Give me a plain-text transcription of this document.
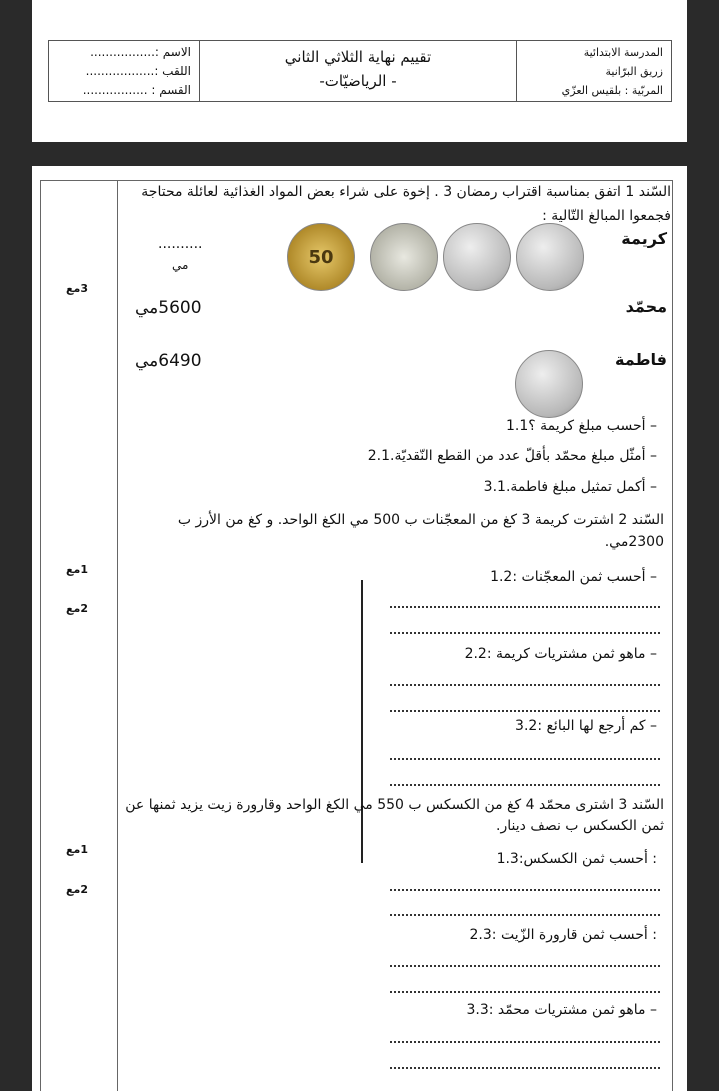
المدرسة الابتدائية
زريق البرّانية
المربّية : بلقيس العزّي
تقييم نهاية الثلاثي الثاني
- الرياضيّات-
الاسم :.................
اللقب :..................
القسم : .................
السّند 1 اتفق بمناسبة اقتراب رمضان 3 . إخوة على شراء بعض المواد الغذائية لعائلة محتاجة
فجمعوا المبالغ التّالية :
كريمة
..........
مي	50
3مع
محمّد
5600مي
فاطمة
6490مي
– أحسب مبلغ كريمة ؟1.1
– أمثّل مبلغ محمّد بأقلّ عدد من القطع النّقديّة.2.1
– أكمل تمثيل مبلغ فاطمة.3.1
السّند 2 اشترت كريمة 3 كغ من المعجّنات ب 500 مي الكغ الواحد. و كغ من الأرز ب
2300مي.
1مع	– أحسب ثمن المعجّنات :1.2
2مع
– ماهو ثمن مشتريات كريمة :2.2
– كم أرجع لها البائع :3.2
السّند 3 اشترى محمّد 4 كغ من الكسكس ب 550 مي الكغ الواحد وقارورة زيت يزيد ثمنها عن
ثمن الكسكس ب نصف دينار.
1مع
: أحسب ثمن الكسكس:1.3
2مع
: أحسب ثمن قارورة الزّيت :2.3
– ماهو ثمن مشتريات محمّد :3.3
